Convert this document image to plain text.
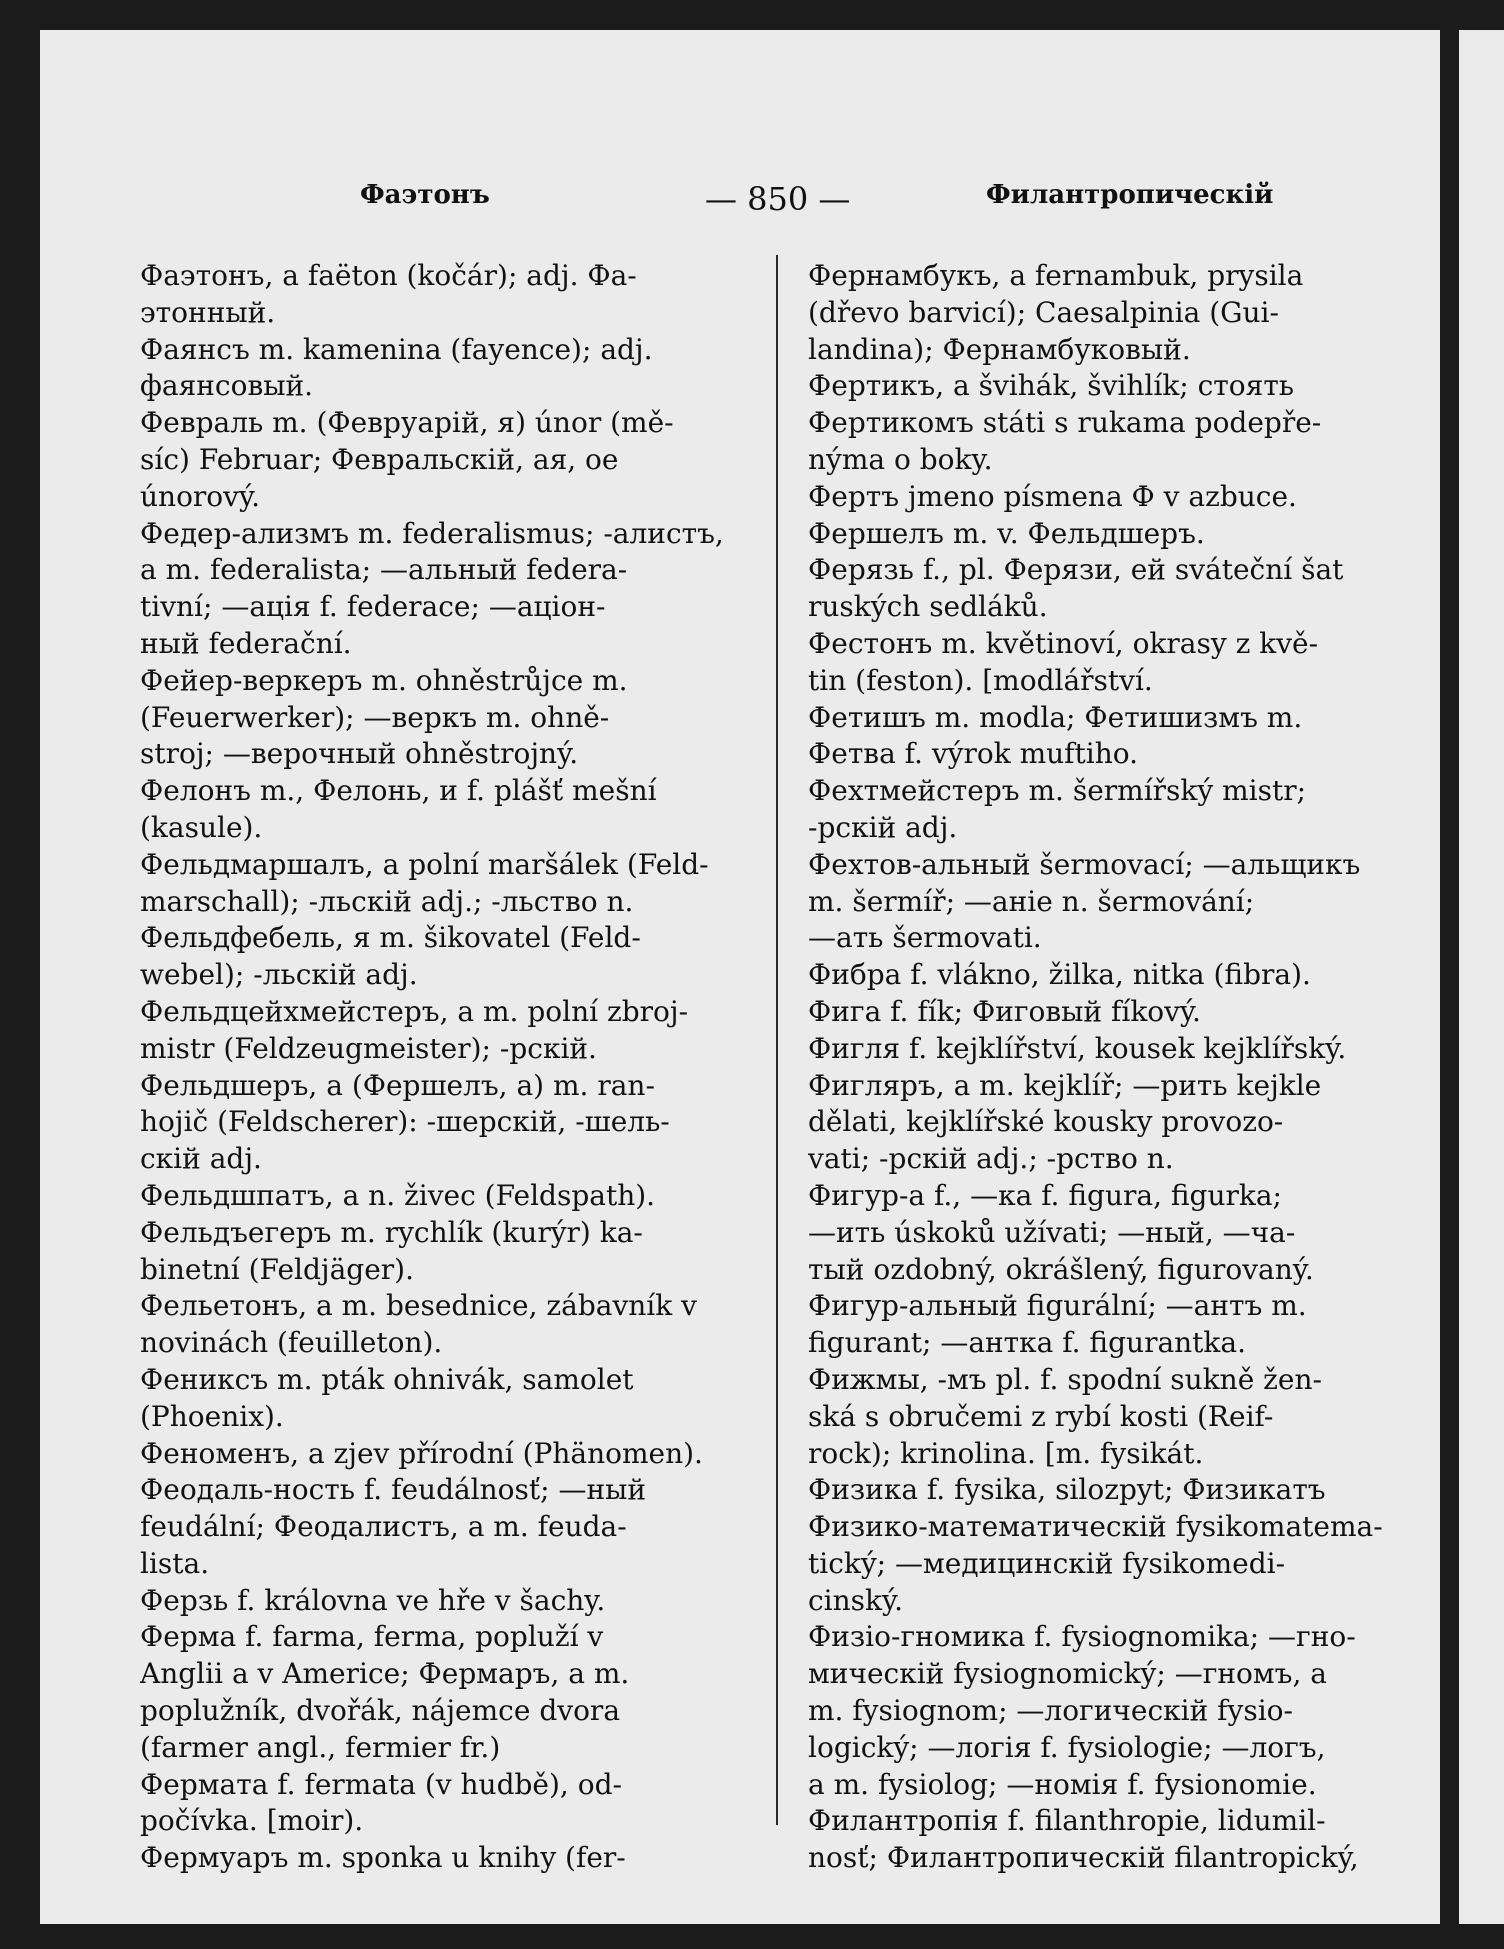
Фаэтонъ	— 850 —	Филантропическій
Фаэтонъ, а faëton (kočár); adj. Фа-
этонный.
Фаянсъ m. kamenina (fayence); adj.
фаянсовый.
Февраль m. (Февруарій, я) únor (mě-
síc) Februar; Февральскій, ая, ое
únorový.
Федер-ализмъ m. federalismus; -алистъ,
а m. federalista; —альный federa-
tivní; —ація f. federace; —аціон-
ный federační.
Фейер-веркеръ m. ohněstrůjce m.
(Feuerwerker); —веркъ m. ohně-
stroj; —верочный ohněstrojný.
Фелонъ m., Фелонь, и f. plášť mešní
(kasule).
Фельдмаршалъ, а polní maršálek (Feld-
marschall); -льскій adj.; -льство n.
Фельдфебель, я m. šikovatel (Feld-
webel); -льскій adj.
Фельдцейхмейстеръ, а m. polní zbroj-
mistr (Feldzeugmeister); -рскій.
Фельдшеръ, а (Фершелъ, а) m. ran-
hojič (Feldscherer): -шерскій, -шель-
скій adj.
Фельдшпатъ, а n. živec (Feldspath).
Фельдъегеръ m. rychlík (kurýr) ka-
binetní (Feldjäger).
Фельетонъ, а m. besednice, zábavník v
novinách (feuilleton).
Фениксъ m. pták ohnivák, samolet
(Phoenix).
Феноменъ, а zjev přírodní (Phänomen).
Феодаль-ность f. feudálnosť; —ный
feudální; Феодалистъ, а m. feuda-
lista.
Ферзь f. královna ve hře v šachy.
Ферма f. farma, ferma, popluží v
Anglii a v Americe; Фермаръ, а m.
poplužník, dvořák, nájemce dvora
(farmer angl., fermier fr.)
Фермата f. fermata (v hudbě), od-
počívka. [moir).
Фермуаръ m. sponka u knihy (fer-
Фернамбукъ, а fernambuk, prysila
(dřevo barvicí); Caesalpinia (Gui-
landina); Фернамбуковый.
Фертикъ, а švihák, švihlík; стоять
Фертикомъ státi s rukama podepře-
nýma o boky.
Фертъ jmeno písmena Ф v azbuce.
Фершелъ m. v. Фельдшеръ.
Ферязь f., pl. Ферязи, ей sváteční šat
ruských sedláků.
Фестонъ m. květinoví, okrasy z kvě-
tin (feston). [modlářství.
Фетишъ m. modla; Фетишизмъ m.
Фетва f. výrok muftiho.
Фехтмейстеръ m. šermířský mistr;
-рскій adj.
Фехтов-альный šermovací; —альщикъ
m. šermíř; —аніе n. šermování;
—ать šermovati.
Фибра f. vlákno, žilka, nitka (fibra).
Фига f. fík; Фиговый fíkový.
Фигля f. kejklířství, kousek kejklířský.
Фигляръ, а m. kejklíř; —рить kejkle
dělati, kejklířské kousky provozo-
vati; -рскій adj.; -рство n.
Фигур-а f., —ка f. figura, figurka;
—ить úskoků užívati; —ный, —ча-
тый ozdobný, okrášlený, figurovaný.
Фигур-альный figurální; —антъ m.
figurant; —антка f. figurantka.
Фижмы, -мъ pl. f. spodní sukně žen-
ská s obručemi z rybí kosti (Reif-
rock); krinolina. [m. fysikát.
Физика f. fysika, silozpyt; Физикатъ
Физико-математическій fysikomatema-
tický; —медицинскій fysikomedi-
cinský.
Физіо-гномика f. fysiognomika; —гно-
мическій fysiognomický; —гномъ, а
m. fysiognom; —логическій fysio-
logický; —логія f. fysiologie; —логъ,
а m. fysiolog; —номія f. fysionomie.
Филантропія f. filanthropie, lidumil-
nosť; Филантропическій filantropický,
